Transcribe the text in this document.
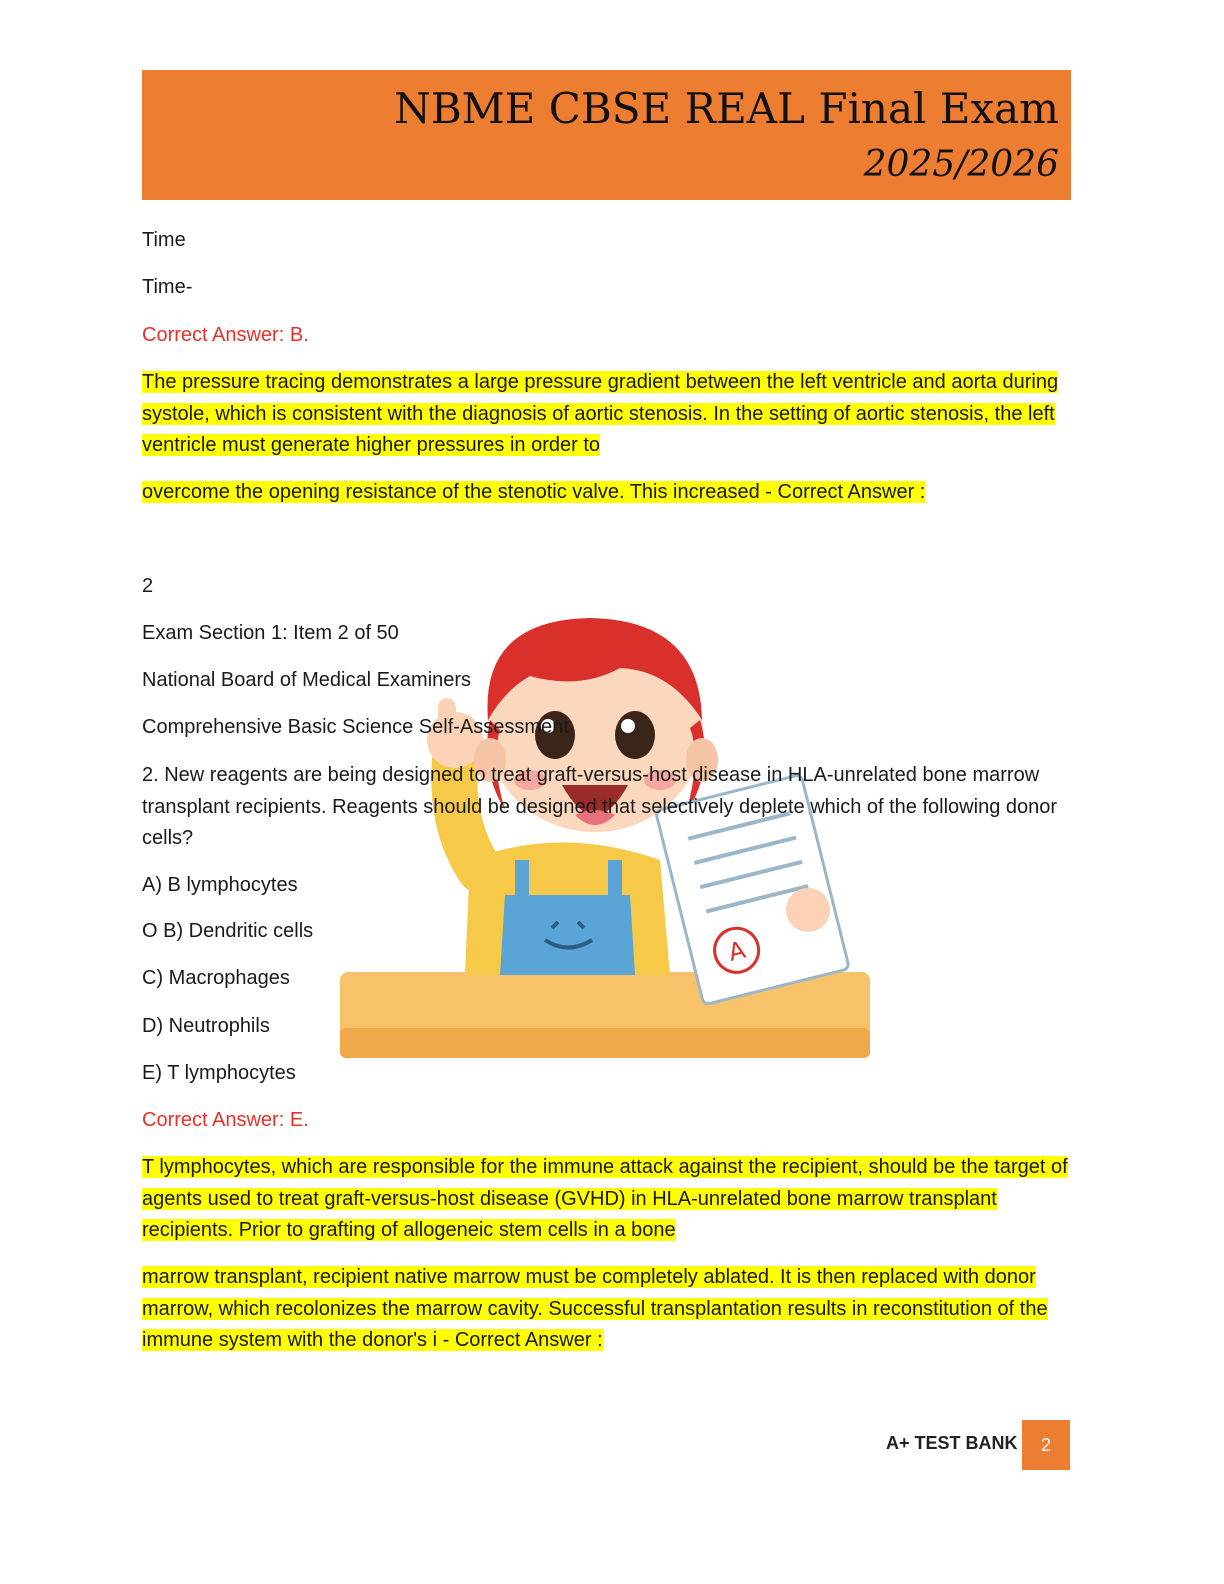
NBME CBSE REAL Final Exam
2025/2026
A
Time
Time-
Correct Answer: B.
The pressure tracing demonstrates a large pressure gradient between the left ventricle and aorta during systole, which is consistent with the diagnosis of aortic stenosis. In the setting of aortic stenosis, the left ventricle must generate higher pressures in order to
overcome the opening resistance of the stenotic valve. This increased - Correct Answer :
2
Exam Section 1: Item 2 of 50
National Board of Medical Examiners
Comprehensive Basic Science Self-Assessment
2. New reagents are being designed to treat graft-versus-host disease in HLA-unrelated bone marrow transplant recipients. Reagents should be designed that selectively deplete which of the following donor cells?
A) B lymphocytes
O B) Dendritic cells
C) Macrophages
D) Neutrophils
E) T lymphocytes
Correct Answer: E.
T lymphocytes, which are responsible for the immune attack against the recipient, should be the target of agents used to treat graft-versus-host disease (GVHD) in HLA-unrelated bone marrow transplant recipients. Prior to grafting of allogeneic stem cells in a bone
marrow transplant, recipient native marrow must be completely ablated. It is then replaced with donor marrow, which recolonizes the marrow cavity. Successful transplantation results in reconstitution of the immune system with the donor's i - Correct Answer :
A+ TEST BANK	2
